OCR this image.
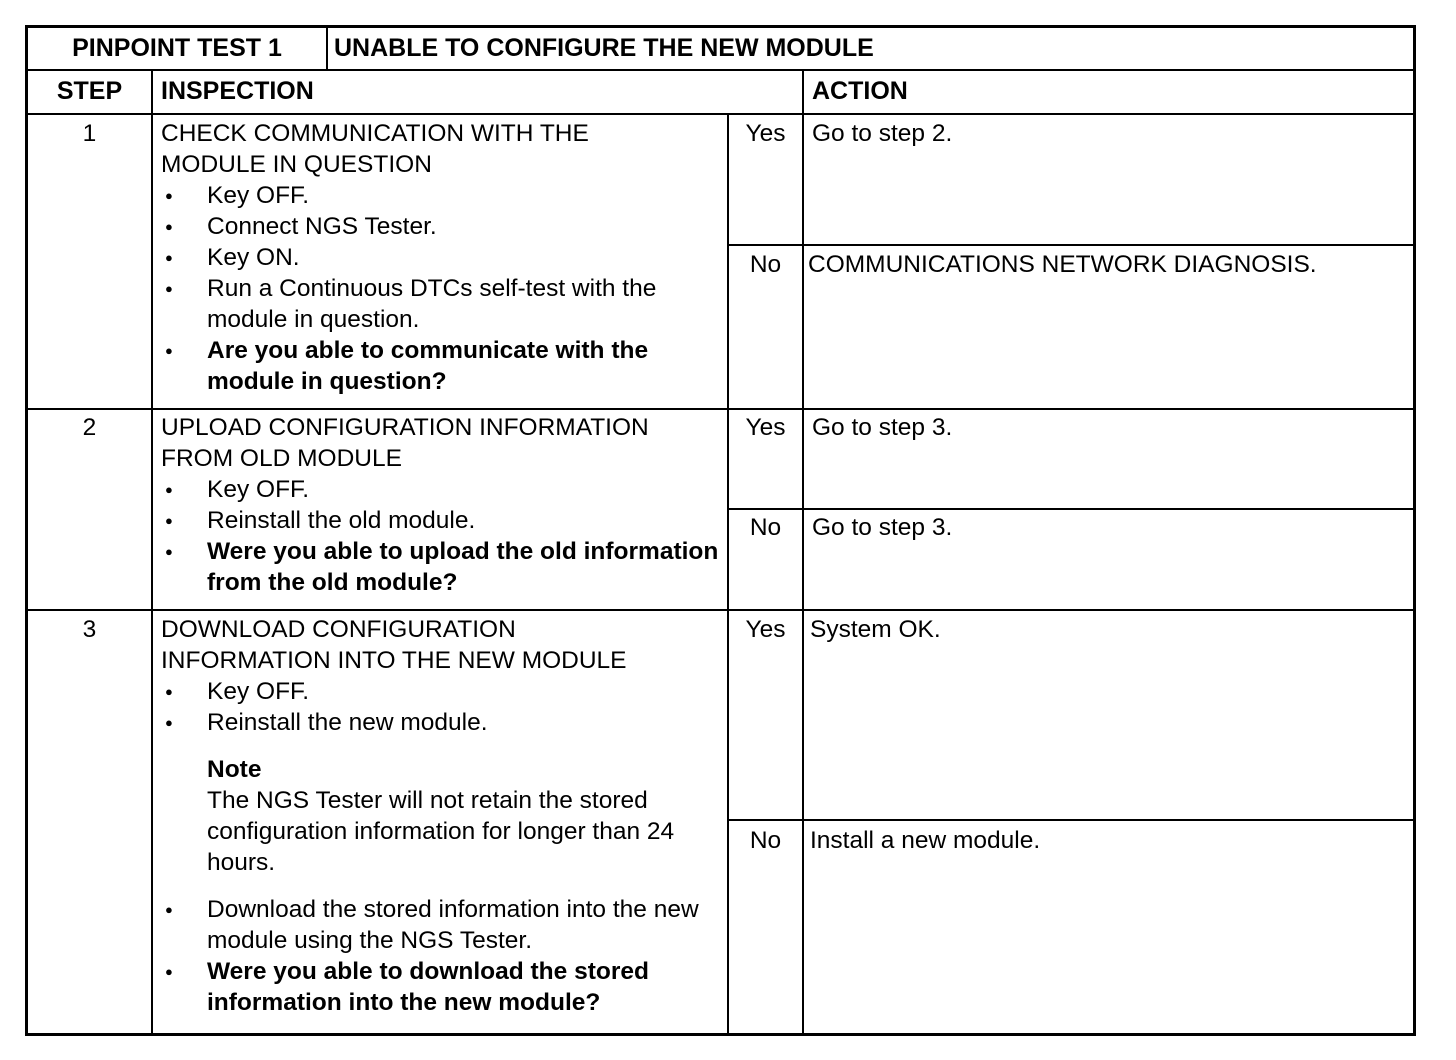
PINPOINT TEST 1	UNABLE TO CONFIGURE THE NEW MODULE
STEP	INSPECTION	ACTION
1	CHECK COMMUNICATION WITH THE
MODULE IN QUESTION
● Key OFF.
● Connect NGS Tester.
● Key ON.
● Run a Continuous DTCs self-test with the module in question.
● Are you able to communicate with the module in question?
Yes	Go to step 2.
No	COMMUNICATIONS NETWORK DIAGNOSIS.
2	UPLOAD CONFIGURATION INFORMATION
FROM OLD MODULE
● Key OFF.
● Reinstall the old module.
● Were you able to upload the old information from the old module?
Yes	Go to step 3.
No	Go to step 3.
3	DOWNLOAD CONFIGURATION
INFORMATION INTO THE NEW MODULE
● Key OFF.
● Reinstall the new module.
Note
The NGS Tester will not retain the stored configuration information for longer than 24 hours.
● Download the stored information into the new module using the NGS Tester.
● Were you able to download the stored information into the new module?
Yes	System OK.
No	Install a new module.
